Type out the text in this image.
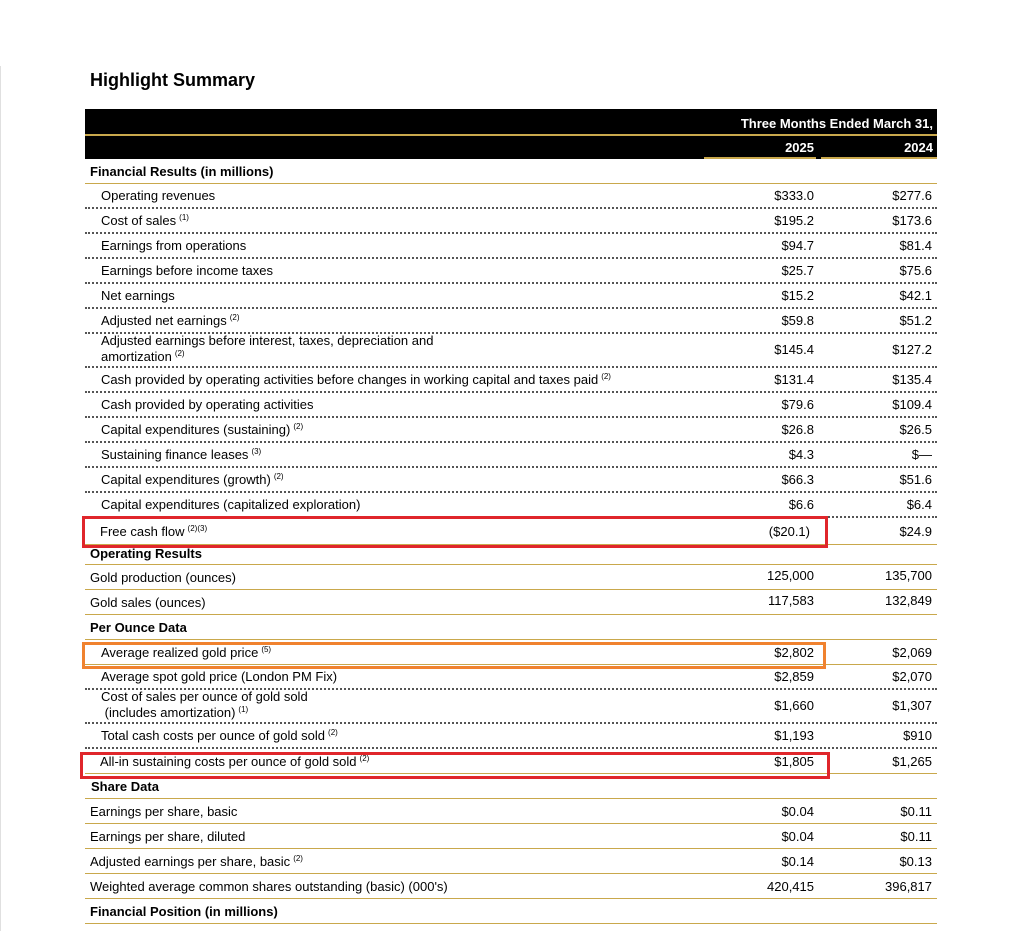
Highlight Summary
Three Months Ended March 31,
2025	2024
Financial Results (in millions)
Operating revenues	$333.0	$277.6
Cost of sales $^{(1)}$	$195.2	$173.6
Earnings from operations	$94.7	$81.4
Earnings before income taxes	$25.7	$75.6
Net earnings	$15.2	$42.1
Adjusted net earnings $^{(2)}$	$59.8	$51.2
Adjusted earnings before interest, taxes, depreciation and
amortization $^{(2)}$	$145.4	$127.2
Cash provided by operating activities before changes in working capital and taxes paid $^{(2)}$	$131.4	$135.4
Cash provided by operating activities	$79.6	$109.4
Capital expenditures (sustaining) $^{(2)}$	$26.8	$26.5
Sustaining finance leases $^{(3)}$	$4.3	$—
Capital expenditures (growth) $^{(2)}$	$66.3	$51.6
Capital expenditures (capitalized exploration)	$6.6	$6.4
Free cash flow $^{(2)(3)}$	($20.1)	$24.9
Operating Results
Gold production (ounces)	125,000	135,700
Gold sales (ounces)	117,583	132,849
Per Ounce Data
Average realized gold price $^{(5)}$	$2,802	$2,069
Average spot gold price (London PM Fix)	$2,859	$2,070
Cost of sales per ounce of gold sold
(includes amortization) $^{(1)}$	$1,660	$1,307
Total cash costs per ounce of gold sold $^{(2)}$	$1,193	$910
All-in sustaining costs per ounce of gold sold $^{(2)}$	$1,805	$1,265
Share Data
Earnings per share, basic	$0.04	$0.11
Earnings per share, diluted	$0.04	$0.11
Adjusted earnings per share, basic $^{(2)}$	$0.14	$0.13
Weighted average common shares outstanding (basic) (000's)	420,415	396,817
Financial Position (in millions)
